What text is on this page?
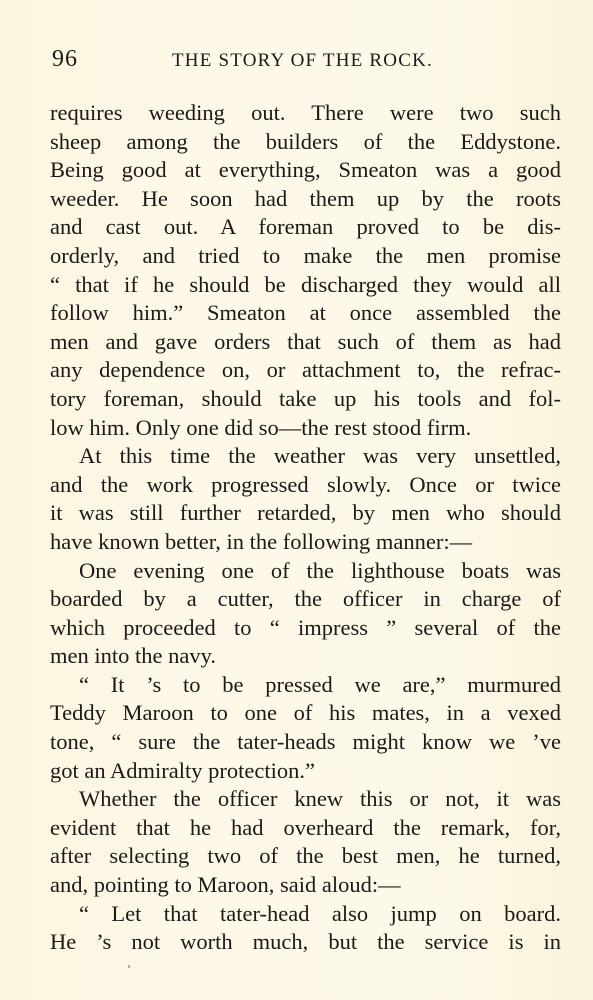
96	THE STORY OF THE ROCK.
requires weeding out. There were two such
sheep among the builders of the Eddystone.
Being good at everything, Smeaton was a good
weeder. He soon had them up by the roots
and cast out. A foreman proved to be dis-
orderly, and tried to make the men promise
“ that if he should be discharged they would all
follow him.” Smeaton at once assembled the
men and gave orders that such of them as had
any dependence on, or attachment to, the refrac-
tory foreman, should take up his tools and fol-
low him. Only one did so—the rest stood firm.
At this time the weather was very unsettled,
and the work progressed slowly. Once or twice
it was still further retarded, by men who should
have known better, in the following manner:—
One evening one of the lighthouse boats was
boarded by a cutter, the officer in charge of
which proceeded to “ impress ” several of the
men into the navy.
“ It ’s to be pressed we are,” murmured
Teddy Maroon to one of his mates, in a vexed
tone, “ sure the tater-heads might know we ’ve
got an Admiralty protection.”
Whether the officer knew this or not, it was
evident that he had overheard the remark, for,
after selecting two of the best men, he turned,
and, pointing to Maroon, said aloud:—
“ Let that tater-head also jump on board.
He ’s not worth much, but the service is in
